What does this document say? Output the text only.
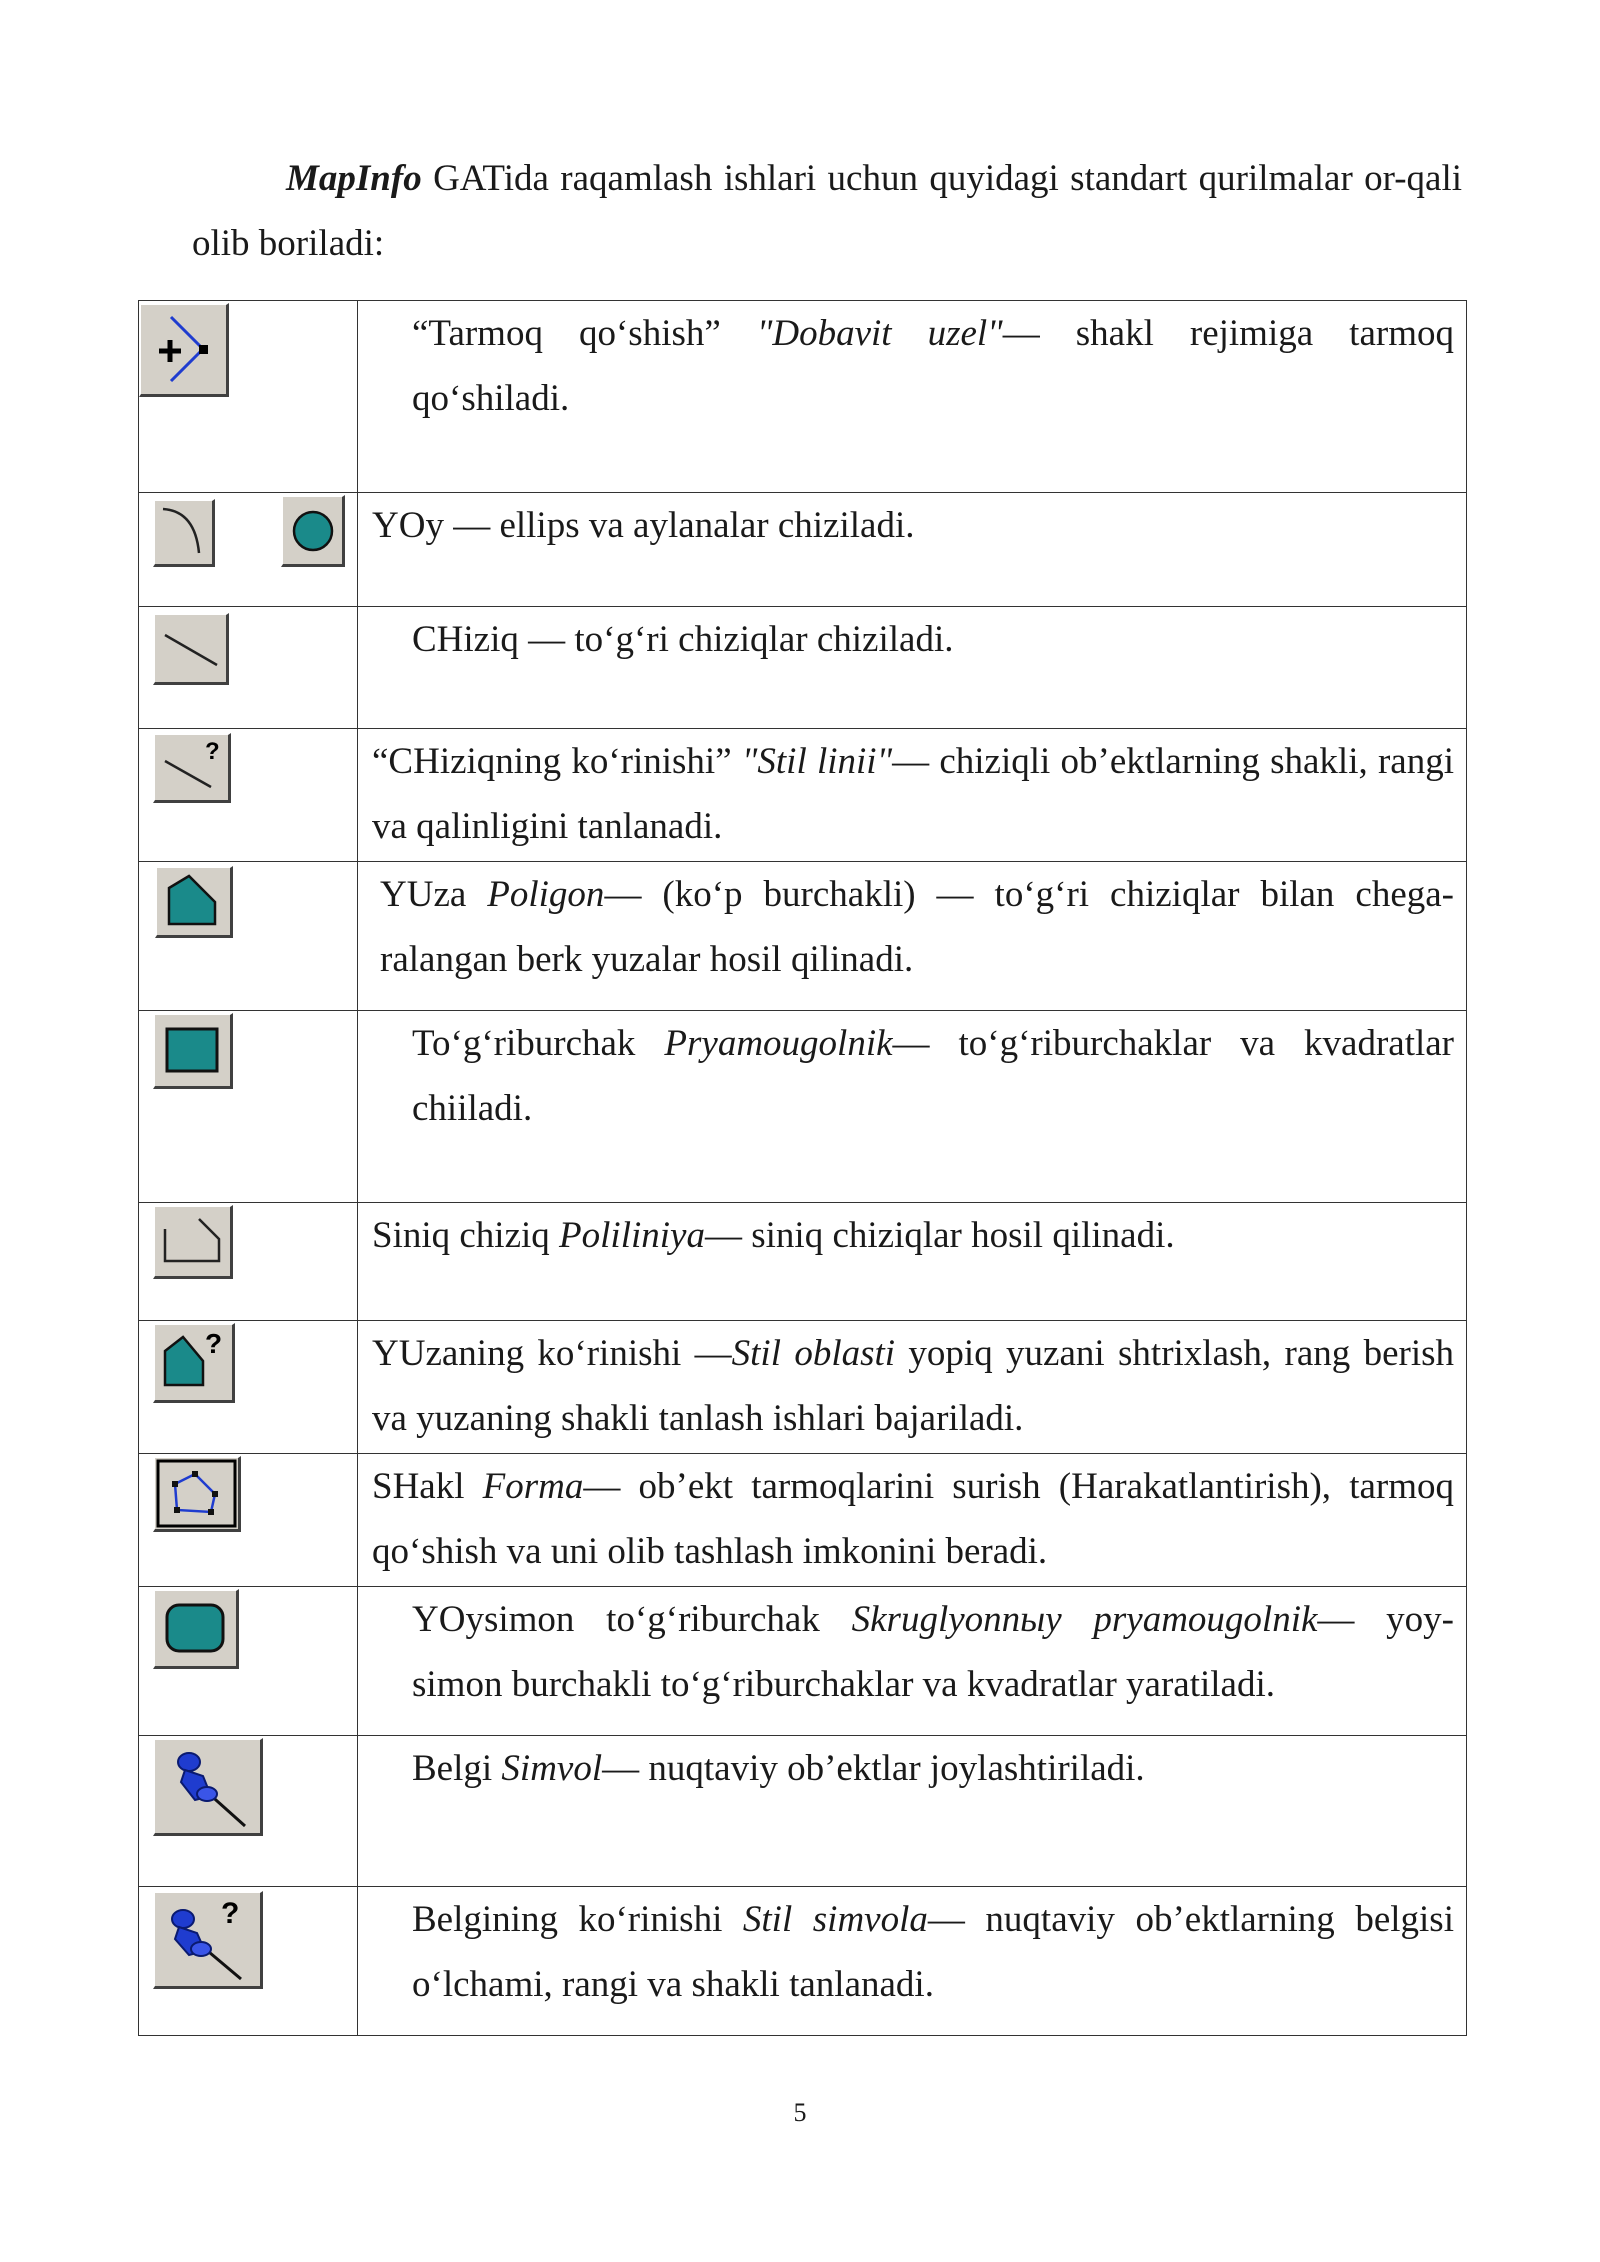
MapInfo GATida raqamlash ishlari uchun quyidagi standart qurilmalar or-qali olib boriladi:

“Tarmoq qo‘shish” "Dobavit uzel"— shakl rejimiga tarmoq qo‘shiladi.

YOy — ellips va aylanalar chiziladi.

CHiziq — to‘g‘ri chiziqlar chiziladi.

?	“CHiziqning ko‘rinishi” "Stil linii"— chiziqli ob’ektlarning shakli, rangi va qalinligini tanlanadi.

YUza Poligon— (ko‘p burchakli) — to‘g‘ri chiziqlar bilan chega-ralangan berk yuzalar hosil qilinadi.

To‘g‘riburchak Pryamougolnik— to‘g‘riburchaklar va kvadratlar chiiladi.

Siniq chiziq Poliliniya— siniq chiziqlar hosil qilinadi.

?	YUzaning ko‘rinishi —Stil oblasti yopiq yuzani shtrixlash, rang berish va yuzaning shakli tanlash ishlari bajariladi.

SHakl Forma— ob’ekt tarmoqlarini surish (Harakatlantirish), tarmoq qo‘shish va uni olib tashlash imkonini beradi.

YOysimon to‘g‘riburchak Skruglyonnыy pryamougolnik— yoy-simon burchakli to‘g‘riburchaklar va kvadratlar yaratiladi.

Belgi Simvol— nuqtaviy ob’ektlar joylashtiriladi.

?	Belgining ko‘rinishi Stil simvola— nuqtaviy ob’ektlarning belgisi o‘lchami, rangi va shakli tanlanadi.

5
